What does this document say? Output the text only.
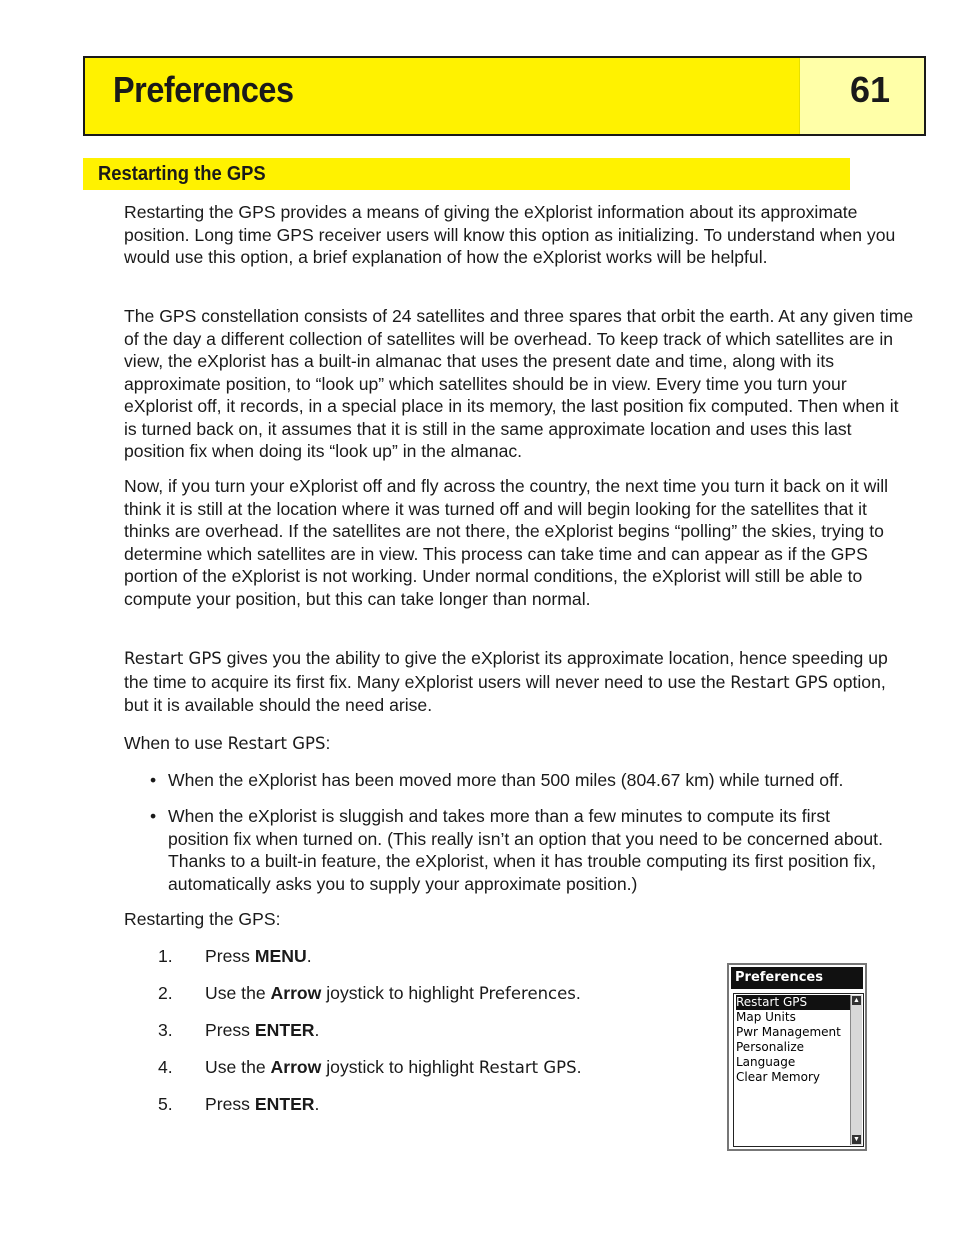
Preferences	61
Restarting the GPS

Restarting the GPS provides a means of giving the eXplorist information about its approximate position. Long time GPS receiver users will know this option as initializing. To understand when you would use this option, a brief explanation of how the eXplorist works will be helpful.

The GPS constellation consists of 24 satellites and three spares that orbit the earth. At any given time of the day a different collection of satellites will be overhead. To keep track of which satellites are in view, the eXplorist has a built-in almanac that uses the present date and time, along with its approximate position, to “look up” which satellites should be in view. Every time you turn your eXplorist off, it records, in a special place in its memory, the last position fix computed. Then when it is turned back on, it assumes that it is still in the same approximate location and uses this last position fix when doing its “look up” in the almanac.

Now, if you turn your eXplorist off and fly across the country, the next time you turn it back on it will think it is still at the location where it was turned off and will begin looking for the satellites that it thinks are overhead. If the satellites are not there, the eXplorist begins “polling” the skies, trying to determine which satellites are in view. This process can take time and can appear as if the GPS portion of the eXplorist is not working. Under normal conditions, the eXplorist will still be able to compute your position, but this can take longer than normal.

Restart GPS gives you the ability to give the eXplorist its approximate location, hence speeding up the time to acquire its first fix. Many eXplorist users will never need to use the Restart GPS option, but it is available should the need arise.

When to use Restart GPS:

• When the eXplorist has been moved more than 500 miles (804.67 km) while turned off.
• When the eXplorist is sluggish and takes more than a few minutes to compute its first position fix when turned on. (This really isn’t an option that you need to be concerned about. Thanks to a built-in feature, the eXplorist, when it has trouble computing its first position fix, automatically asks you to supply your approximate position.)

Restarting the GPS:

1. Press MENU.
2. Use the Arrow joystick to highlight Preferences.
3. Press ENTER.
4. Use the Arrow joystick to highlight Restart GPS.
5. Press ENTER.
Preferences
Restart GPS
Map Units
Pwr Management
Personalize
Language
Clear Memory
▲
▼
